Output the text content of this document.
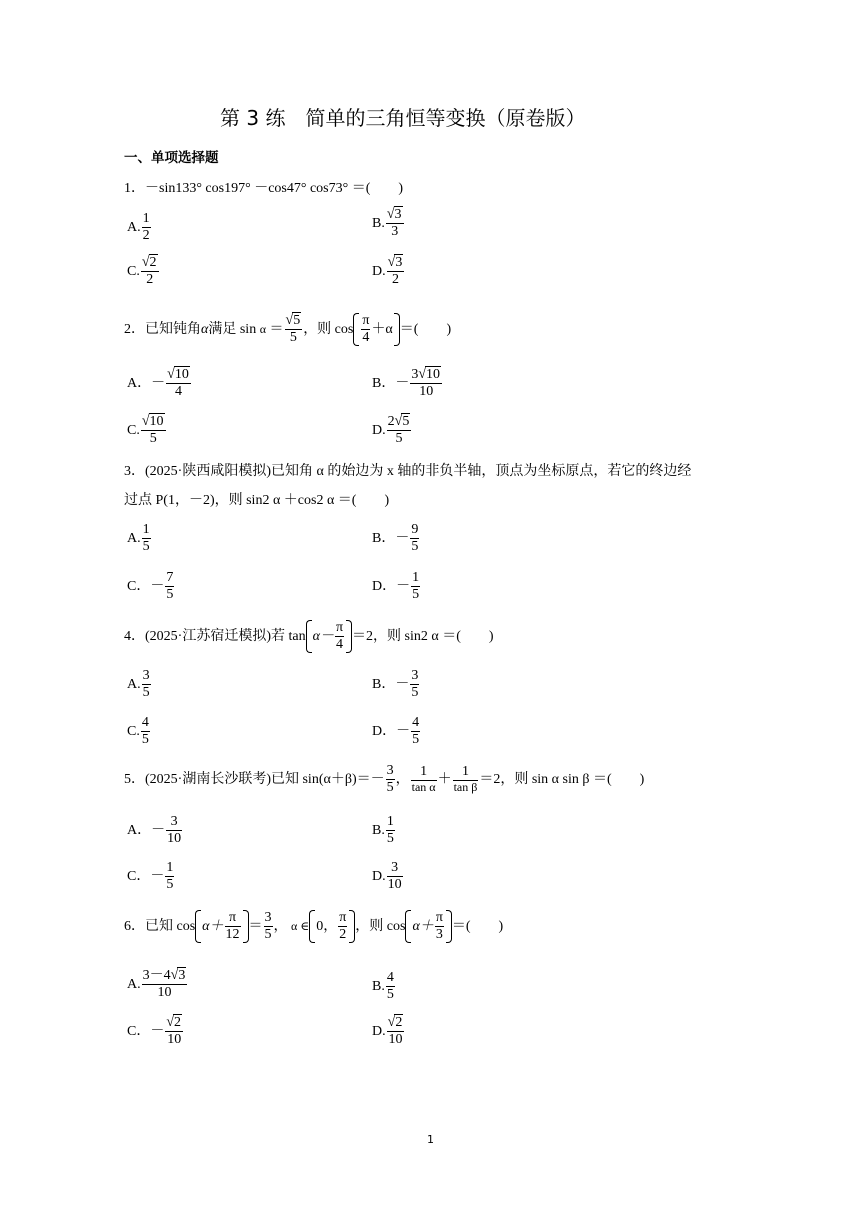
第 3 练　简单的三角恒等变换（原卷版）
一、单项选择题
1．－sin133° cos197° －cos47° cos73° ＝(　　)
A. $\frac{1}{2}$	B. $\frac{√3}{3}$
C. $\frac{√2}{2}$	D. $\frac{√3}{2}$
2．已知钝角α满足 $\sin \alpha = \frac{√5}{5}$ ，则 $\cos \frac{\pi}{4} +\alpha$ ＝(　　)
A．－ $\frac{√10}{4}$	B．－ $\frac{3√10}{10}$
C. $\frac{√10}{5}$	D. $\frac{2√5}{5}$
3．(2025·陕西咸阳模拟)已知角 α 的始边为 x 轴的非负半轴，顶点为坐标原点，若它的终边经
过点 P(1，－2)，则 sin2 α ＋cos2 α ＝(　　)
A. $\frac{1}{5}$	B．－ $\frac{9}{5}$
C．－ $\frac{7}{5}$	D．－ $\frac{1}{5}$
4．(2025·江苏宿迁模拟)若 $\tan \alpha- \frac{\pi}{4} =2$，则 sin2 α ＝(　　)
A. $\frac{3}{5}$	B．－ $\frac{3}{5}$
C. $\frac{4}{5}$	D．－ $\frac{4}{5}$
5．(2025·湖南长沙联考)已知 $\sin(\alpha+\beta)=- \frac{3}{5}$ ， $\frac{1}{\text{tan α}} + \frac{1}{\text{tan β}} =2$，则 sin α sin β ＝(　　)
A．－ $\frac{3}{10}$	B. $\frac{1}{5}$
C．－ $\frac{1}{5}$	D. $\frac{3}{10}$
6．已知 $\cos \alpha+ \frac{\pi}{12} = \frac{3}{5}$ ， α ∈ 0， $\frac{\pi}{2}$ ，则 $\cos \alpha+ \frac{\pi}{3}$ ＝(　　)
A. $\frac{3-4√3}{10}$	B. $\frac{4}{5}$
C．－ $\frac{√2}{10}$	D. $\frac{√2}{10}$
1
